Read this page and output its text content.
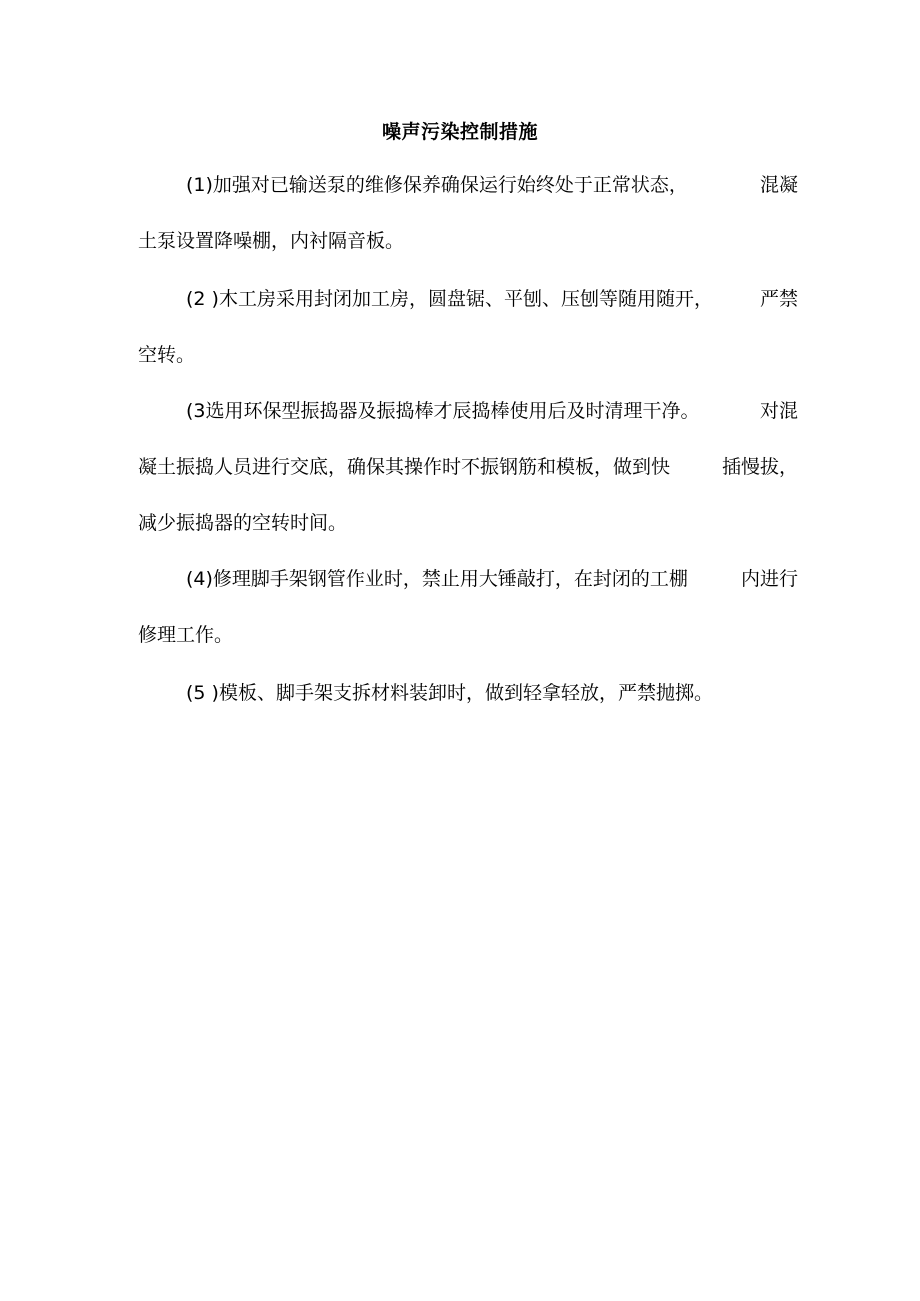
噪声污染控制措施
(1)加强对已输送泵的维修保养确保运行始终处于正常状态，	混凝
土泵设置降噪棚，内衬隔音板。
(2 )木工房采用封闭加工房，圆盘锯、平刨、压刨等随用随开， 严禁
空转。
(3选用环保型振捣器及振捣棒才辰捣棒使用后及时清理干净。	对混
凝土振捣人员进行交底，确保其操作时不振钢筋和模板，做到快	插慢拔，
减少振捣器的空转时间。
(4)修理脚手架钢管作业时，禁止用大锤敲打，在封闭的工棚	内进行
修理工作。
(5 )模板、脚手架支拆材料装卸时，做到轻拿轻放，严禁抛掷。
